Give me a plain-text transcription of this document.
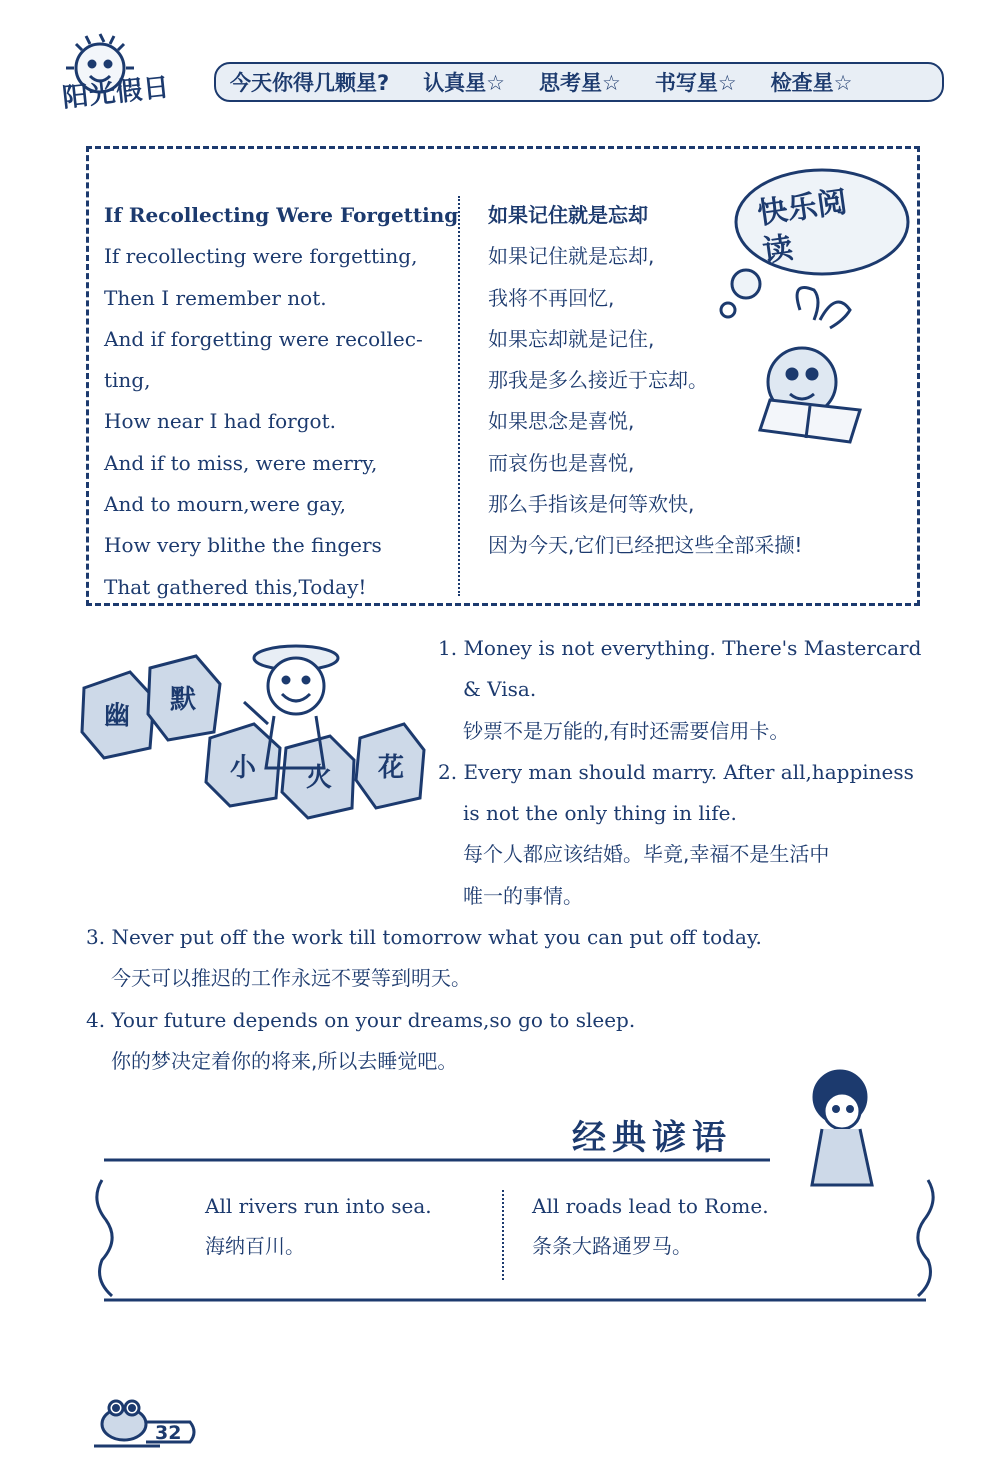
阳光假日	今天你得几颗星? 认真星☆ 思考星☆ 书写星☆ 检查星☆
If Recollecting Were Forgetting
If recollecting were forgetting,
Then I remember not.
And if forgetting were recollec-
ting,
How near I had forgot.
And if to miss, were merry,
And to mourn,were gay,
How very blithe the fingers
That gathered this,Today!
如果记住就是忘却
如果记住就是忘却,
我将不再回忆,
如果忘却就是记住,
那我是多么接近于忘却。
如果思念是喜悦,
而哀伤也是喜悦,
那么手指该是何等欢快,
因为今天,它们已经把这些全部采撷!
快乐阅读
幽
默
小 火 花
1. Money is not everything. There's Mastercard
& Visa.
钞票不是万能的,有时还需要信用卡。
2. Every man should marry. After all,happiness
is not the only thing in life.
每个人都应该结婚。毕竟,幸福不是生活中
唯一的事情。
3. Never put off the work till tomorrow what you can put off today.
今天可以推迟的工作永远不要等到明天。
4. Your future depends on your dreams,so go to sleep.
你的梦决定着你的将来,所以去睡觉吧。
经典谚语
All rivers run into sea.
海纳百川。
All roads lead to Rome.
条条大路通罗马。
32
